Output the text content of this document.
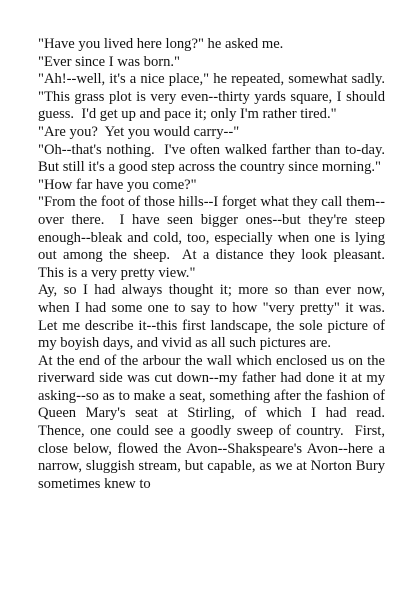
"Have you lived here long?" he asked me.

"Ever since I was born."

"Ah!--well, it's a nice place," he repeated, somewhat sadly.  "This grass plot is very even--thirty yards square, I should guess.  I'd get up and pace it; only I'm rather tired."

"Are you?  Yet you would carry--"

"Oh--that's nothing.  I've often walked farther than to-day.  But still it's a good step across the country since morning."

"How far have you come?"

"From the foot of those hills--I forget what they call them--over there.  I have seen bigger ones--but they're steep enough--bleak and cold, too, especially when one is lying out among the sheep.  At a distance they look pleasant.  This is a very pretty view."

Ay, so I had always thought it; more so than ever now, when I had some one to say to how "very pretty" it was.  Let me describe it--this first landscape, the sole picture of my boyish days, and vivid as all such pictures are.

At the end of the arbour the wall which enclosed us on the riverward side was cut down--my father had done it at my asking--so as to make a seat, something after the fashion of Queen Mary's seat at Stirling, of which I had read.  Thence, one could see a goodly sweep of country.  First, close below, flowed the Avon--Shakspeare's Avon--here a narrow, sluggish stream, but capable, as we at Norton Bury sometimes knew to
